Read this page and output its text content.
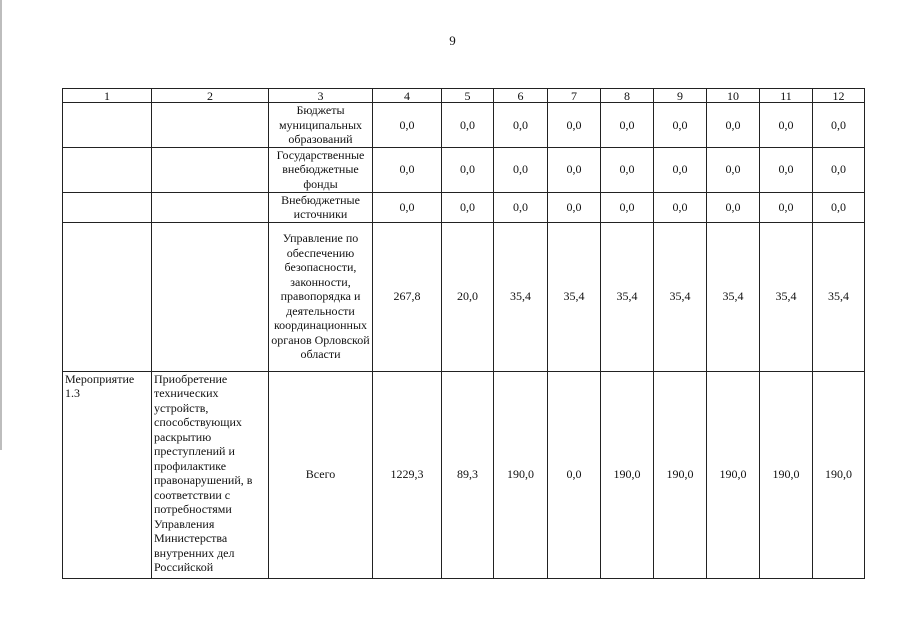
9
1	2	3	4	5	6	7	8	9	10	11	12
		Бюджеты муниципальных образований	0,0	0,0	0,0	0,0	0,0	0,0	0,0	0,0	0,0
		Государственные внебюджетные фонды	0,0	0,0	0,0	0,0	0,0	0,0	0,0	0,0	0,0
		Внебюджетные источники	0,0	0,0	0,0	0,0	0,0	0,0	0,0	0,0	0,0
		Управление по обеспечению безопасности, законности, правопорядка и деятельности координационных органов Орловской области	267,8	20,0	35,4	35,4	35,4	35,4	35,4	35,4	35,4
Мероприятие 1.3	Приобретение технических устройств, способствующих раскрытию преступлений и профилактике правонарушений, в соответствии с потребностями Управления Министерства внутренних дел Российской	Всего	1229,3	89,3	190,0	0,0	190,0	190,0	190,0	190,0	190,0
